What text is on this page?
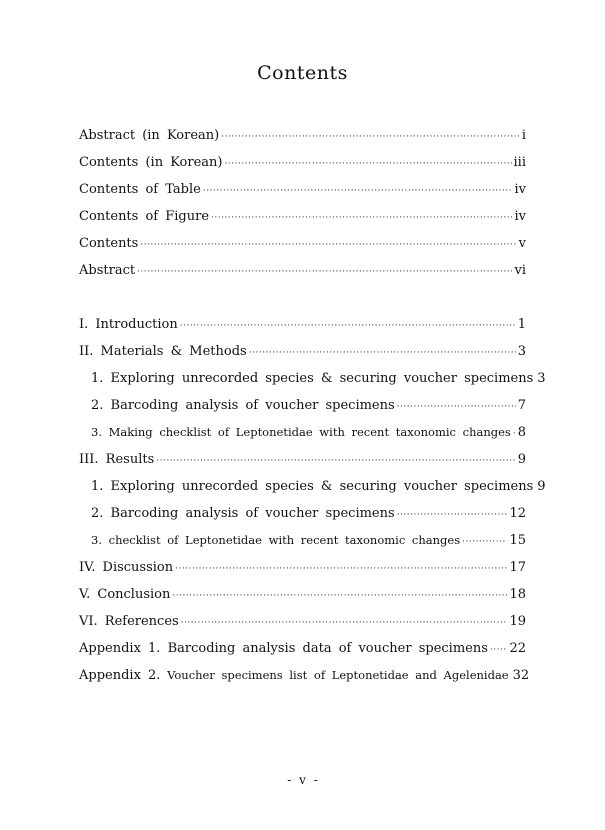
Contents
Abstract (in Korean) ·····	i
Contents (in Korean) ·····	iii
Contents of Table ·····	iv
Contents of Figure ·····	iv
Contents ·····	v
Abstract ·····	vi
I. Introduction ·····	1
II. Materials & Methods ·····	3
1. Exploring unrecorded species & securing voucher specimens 3
2. Barcoding analysis of voucher specimens ·····	7
3. Making checklist of Leptonetidae with recent taxonomic changes ····· 8
III. Results ·····	9
1. Exploring unrecorded species & securing voucher specimens 9
2. Barcoding analysis of voucher specimens ·····	12
3. checklist of Leptonetidae with recent taxonomic changes ·····	15
IV. Discussion ·····	17
V. Conclusion ·····	18
VI. References ·····	19
Appendix 1. Barcoding analysis data of voucher specimens ····· 22
Appendix 2. Voucher specimens list of Leptonetidae and Agelenidae 32
- v -
